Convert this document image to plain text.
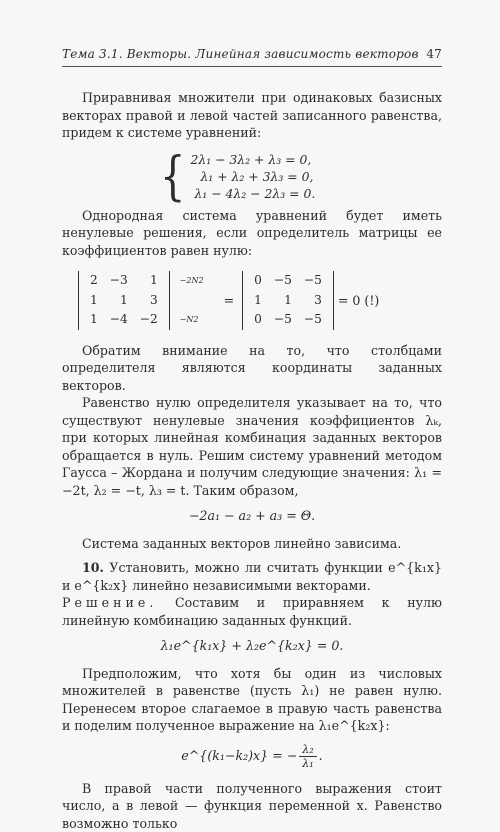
Тема 3.1. Векторы. Линейная зависимость векторов 47

Приравнивая множители при одинаковых базисных векторах правой и левой частей записанного равенства, придем к системе уравнений:

{ 2λ₁ − 3λ₂ + λ₃ = 0,
λ₁ + λ₂ + 3λ₃ = 0,
λ₁ − 4λ₂ − 2λ₃ = 0.

Однородная система уравнений будет иметь ненулевые решения, если определитель матрицы ее коэффициентов равен нулю:

2	−3	1
1	1	3
1	−4	−2
−2N2
−N2
=
0	−5	−5
1	1	3
0	−5	−5
= 0 (!)

Обратим внимание на то, что столбцами определителя являются координаты заданных векторов.

Равенство нулю определителя указывает на то, что существуют ненулевые значения коэффициентов λₖ, при которых линейная комбинация заданных векторов обращается в нуль. Решим систему уравнений методом Гаусса – Жордана и получим следующие значения: λ₁ = −2t, λ₂ = −t, λ₃ = t. Таким образом,

−2a₁ − a₂ + a₃ = Θ.

Система заданных векторов линейно зависима.

10. Установить, можно ли считать функции e^{k₁x} и e^{k₂x} линейно независимыми векторами.

Решение. Составим и приравняем к нулю линейную комбинацию заданных функций.

λ₁e^{k₁x} + λ₂e^{k₂x} = 0.

Предположим, что хотя бы один из числовых множителей в равенстве (пусть λ₁) не равен нулю. Перенесем второе слагаемое в правую часть равенства и поделим полученное выражение на λ₁e^{k₂x}:

e^{(k₁−k₂)x} = − $\frac{\text{λ₂}}{\text{λ₁}}$ .

В правой части полученного выражения стоит число, а в левой — функция переменной x. Равенство возможно только
